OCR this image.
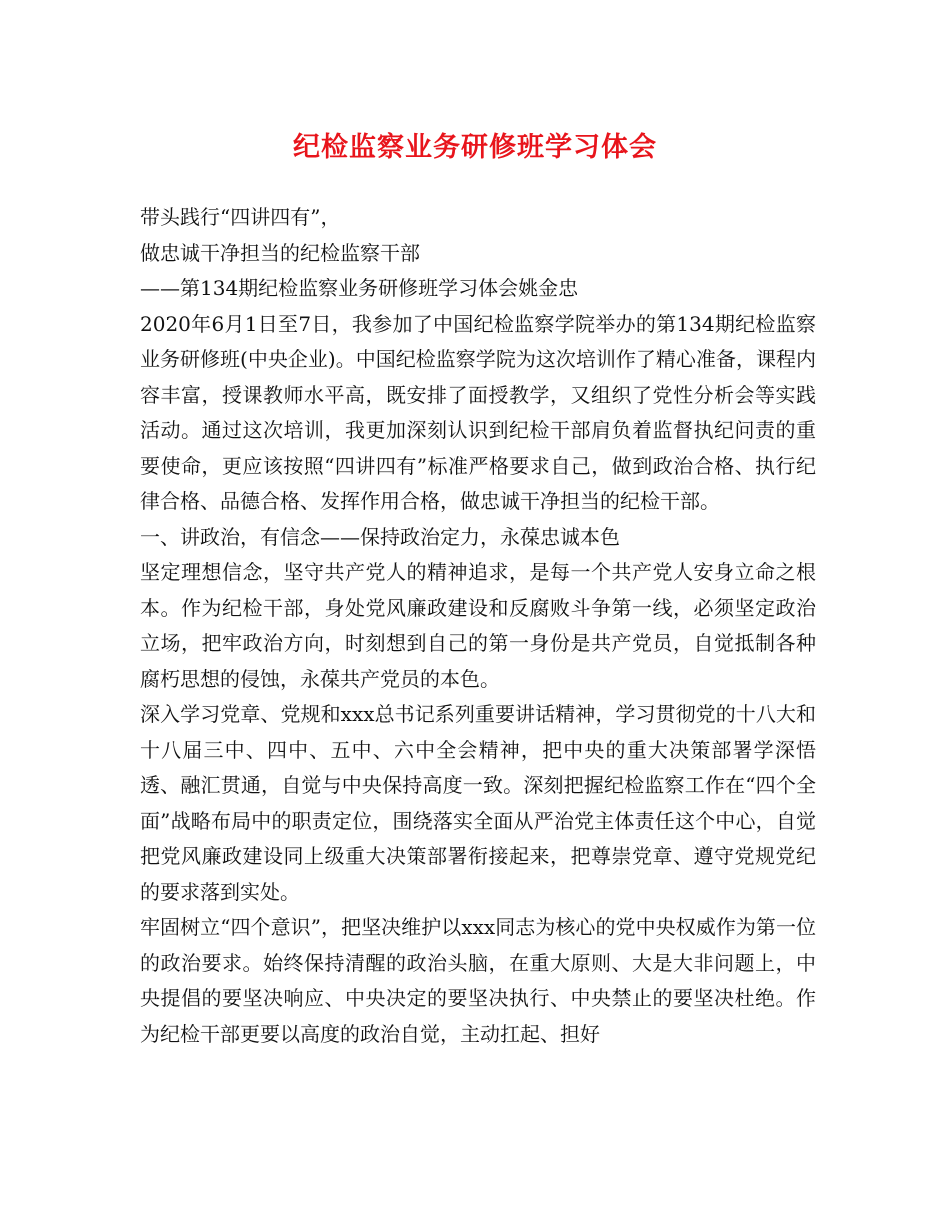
纪检监察业务研修班学习体会

带头践行“四讲四有”，

做忠诚干净担当的纪检监察干部

——第134期纪检监察业务研修班学习体会姚金忠

2020年6月1日至7日，我参加了中国纪检监察学院举办的第134期纪检监察业务研修班(中央企业)。中国纪检监察学院为这次培训作了精心准备，课程内容丰富，授课教师水平高，既安排了面授教学，又组织了党性分析会等实践活动。通过这次培训，我更加深刻认识到纪检干部肩负着监督执纪问责的重要使命，更应该按照“四讲四有”标准严格要求自己，做到政治合格、执行纪律合格、品德合格、发挥作用合格，做忠诚干净担当的纪检干部。

一、讲政治，有信念——保持政治定力，永葆忠诚本色

坚定理想信念，坚守共产党人的精神追求，是每一个共产党人安身立命之根本。作为纪检干部，身处党风廉政建设和反腐败斗争第一线，必须坚定政治立场，把牢政治方向，时刻想到自己的第一身份是共产党员，自觉抵制各种腐朽思想的侵蚀，永葆共产党员的本色。

深入学习党章、党规和xxx总书记系列重要讲话精神，学习贯彻党的十八大和十八届三中、四中、五中、六中全会精神，把中央的重大决策部署学深悟透、融汇贯通，自觉与中央保持高度一致。深刻把握纪检监察工作在“四个全面”战略布局中的职责定位，围绕落实全面从严治党主体责任这个中心，自觉把党风廉政建设同上级重大决策部署衔接起来，把尊崇党章、遵守党规党纪的要求落到实处。

牢固树立“四个意识”，把坚决维护以xxx同志为核心的党中央权威作为第一位的政治要求。始终保持清醒的政治头脑，在重大原则、大是大非问题上，中央提倡的要坚决响应、中央决定的要坚决执行、中央禁止的要坚决杜绝。作为纪检干部更要以高度的政治自觉，主动扛起、担好
